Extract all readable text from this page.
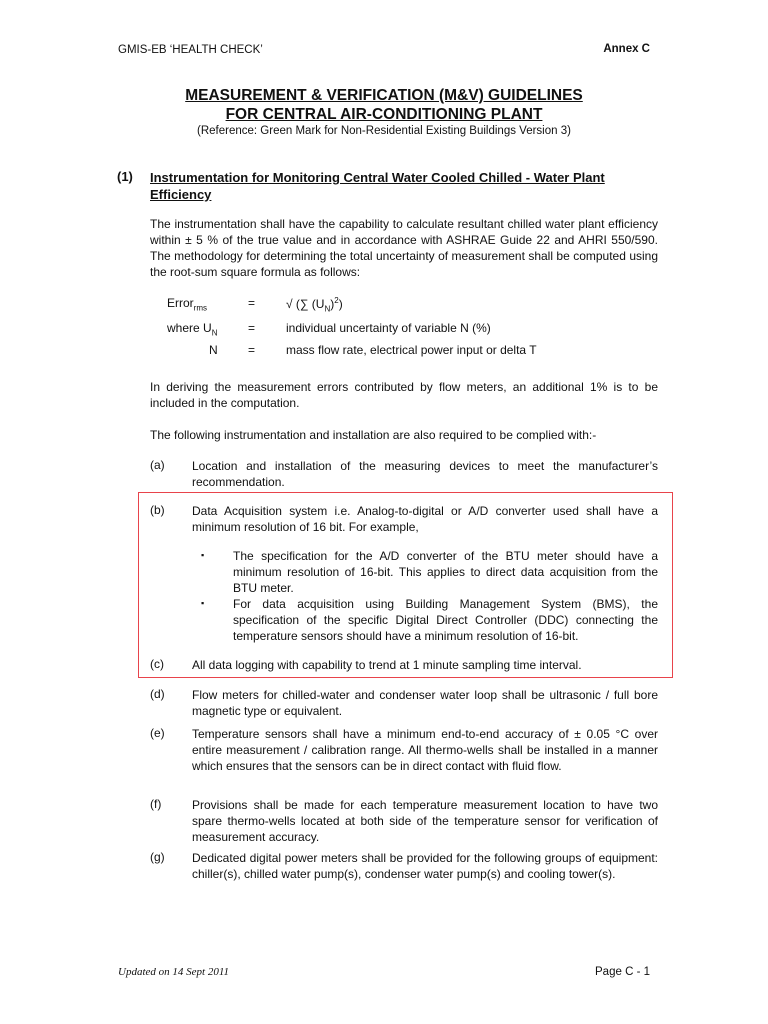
GMIS-EB ‘HEALTH CHECK’	Annex C
MEASUREMENT & VERIFICATION (M&V) GUIDELINES
FOR CENTRAL AIR-CONDITIONING PLANT
(Reference: Green Mark for Non-Residential Existing Buildings Version 3)
(1) Instrumentation for Monitoring Central Water Cooled Chilled - Water Plant Efficiency
The instrumentation shall have the capability to calculate resultant chilled water plant efficiency within ± 5 % of the true value and in accordance with ASHRAE Guide 22 and AHRI 550/590. The methodology for determining the total uncertainty of measurement shall be computed using the root-sum square formula as follows:
Error$_{rms}$	=	√ (∑ $(U_N)^2$)
where $U_N$	=	individual uncertainty of variable N (%)
N	=	mass flow rate, electrical power input or delta T
In deriving the measurement errors contributed by flow meters, an additional 1% is to be included in the computation.
The following instrumentation and installation are also required to be complied with:-
(a) Location and installation of the measuring devices to meet the manufacturer’s recommendation.
(b) Data Acquisition system i.e. Analog-to-digital or A/D converter used shall have a minimum resolution of 16 bit. For example,
▪ The specification for the A/D converter of the BTU meter should have a minimum resolution of 16-bit. This applies to direct data acquisition from the BTU meter.
▪ For data acquisition using Building Management System (BMS), the specification of the specific Digital Direct Controller (DDC) connecting the temperature sensors should have a minimum resolution of 16-bit.
(c) All data logging with capability to trend at 1 minute sampling time interval.
(d) Flow meters for chilled-water and condenser water loop shall be ultrasonic / full bore magnetic type or equivalent.
(e) Temperature sensors shall have a minimum end-to-end accuracy of ± 0.05 °C over entire measurement / calibration range. All thermo-wells shall be installed in a manner which ensures that the sensors can be in direct contact with fluid flow.
(f)	Provisions shall be made for each temperature measurement location to have two spare thermo-wells located at both side of the temperature sensor for verification of measurement accuracy.
(g) Dedicated digital power meters shall be provided for the following groups of equipment: chiller(s), chilled water pump(s), condenser water pump(s) and cooling tower(s).
Updated on 14 Sept 2011	Page C - 1
